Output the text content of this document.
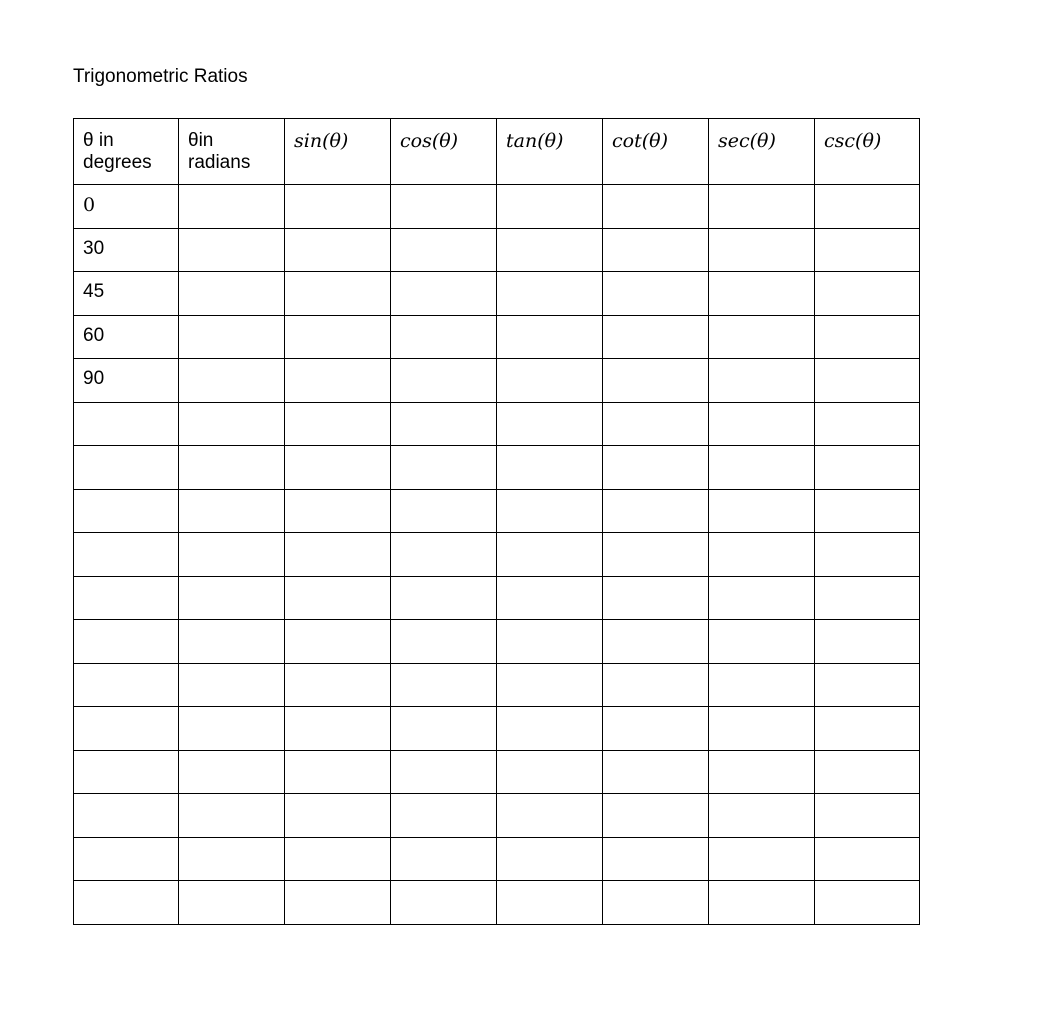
Trigonometric Ratios
θ in degrees	θin radians	sin(θ)	cos(θ)	tan(θ)	cot(θ)	sec(θ)	csc(θ)

0							

30							

45							

60							

90							
